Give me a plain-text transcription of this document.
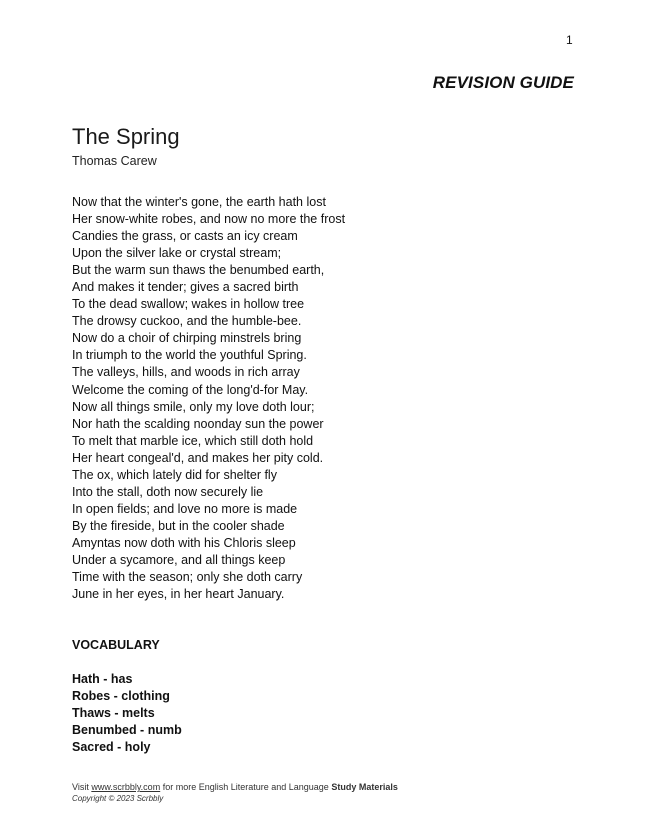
1
REVISION GUIDE
The Spring
Thomas Carew
Now that the winter's gone, the earth hath lost
Her snow-white robes, and now no more the frost
Candies the grass, or casts an icy cream
Upon the silver lake or crystal stream;
But the warm sun thaws the benumbed earth,
And makes it tender; gives a sacred birth
To the dead swallow; wakes in hollow tree
The drowsy cuckoo, and the humble-bee.
Now do a choir of chirping minstrels bring
In triumph to the world the youthful Spring.
The valleys, hills, and woods in rich array
Welcome the coming of the long'd-for May.
Now all things smile, only my love doth lour;
Nor hath the scalding noonday sun the power
To melt that marble ice, which still doth hold
Her heart congeal'd, and makes her pity cold.
The ox, which lately did for shelter fly
Into the stall, doth now securely lie
In open fields; and love no more is made
By the fireside, but in the cooler shade
Amyntas now doth with his Chloris sleep
Under a sycamore, and all things keep
Time with the season; only she doth carry
June in her eyes, in her heart January.
VOCABULARY
Hath - has
Robes - clothing
Thaws - melts
Benumbed - numb
Sacred - holy
Visit www.scrbbly.com for more English Literature and Language Study Materials
Copyright © 2023 Scrbbly
